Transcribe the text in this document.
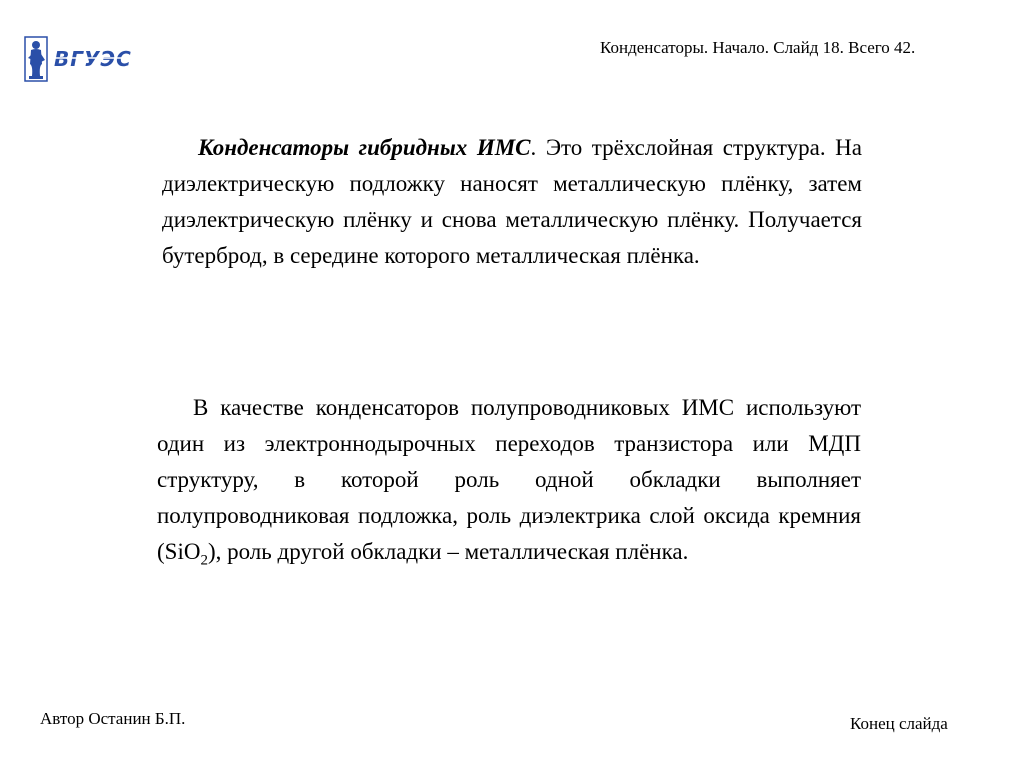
ВГУЭС	Конденсаторы. Начало. Слайд 18. Всего 42.
Конденсаторы гибридных ИМС. Это трёхслойная структура. На диэлектрическую подложку наносят металлическую плёнку, затем диэлектрическую плёнку и снова металлическую плёнку. Получается бутерброд, в середине которого металлическая плёнка.
В качестве конденсаторов полупроводниковых ИМС используют один из электроннодырочных переходов транзистора или МДП структуру, в которой роль одной обкладки выполняет полупроводниковая подложка, роль диэлектрика слой оксида кремния (SiO$_2$), роль другой обкладки – металлическая плёнка.
Автор Останин Б.П.	Конец слайда
